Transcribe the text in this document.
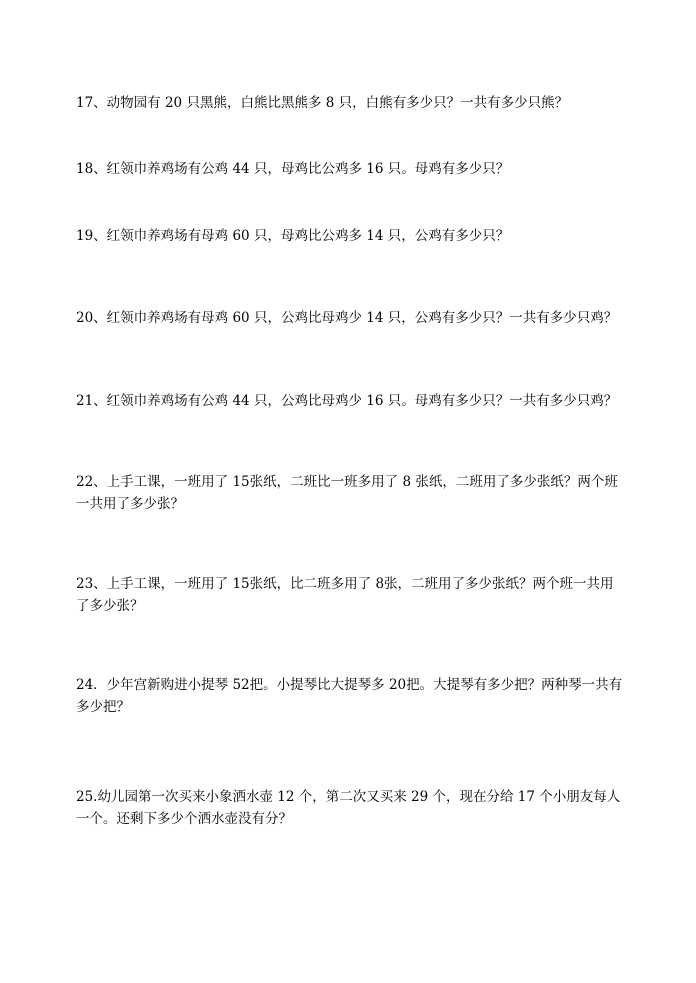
17、动物园有 20 只黑熊，白熊比黑熊多 8 只，白熊有多少只？一共有多少只熊？
18、红领巾养鸡场有公鸡 44 只，母鸡比公鸡多 16 只。母鸡有多少只？
19、红领巾养鸡场有母鸡 60 只，母鸡比公鸡多 14 只，公鸡有多少只？
20、红领巾养鸡场有母鸡 60 只，公鸡比母鸡少 14 只，公鸡有多少只？一共有多少只鸡？
21、红领巾养鸡场有公鸡 44 只，公鸡比母鸡少 16 只。母鸡有多少只？一共有多少只鸡？
22、上手工课，一班用了 15张纸，二班比一班多用了 8 张纸，二班用了多少张纸？两个班一共用了多少张？
23、上手工课，一班用了 15张纸，比二班多用了 8张，二班用了多少张纸？两个班一共用了多少张？
24．少年宫新购进小提琴 52把。小提琴比大提琴多 20把。大提琴有多少把？两种琴一共有多少把？
25.幼儿园第一次买来小象洒水壶 12 个，第二次又买来 29 个，现在分给 17 个小朋友每人一个。还剩下多少个洒水壶没有分？
